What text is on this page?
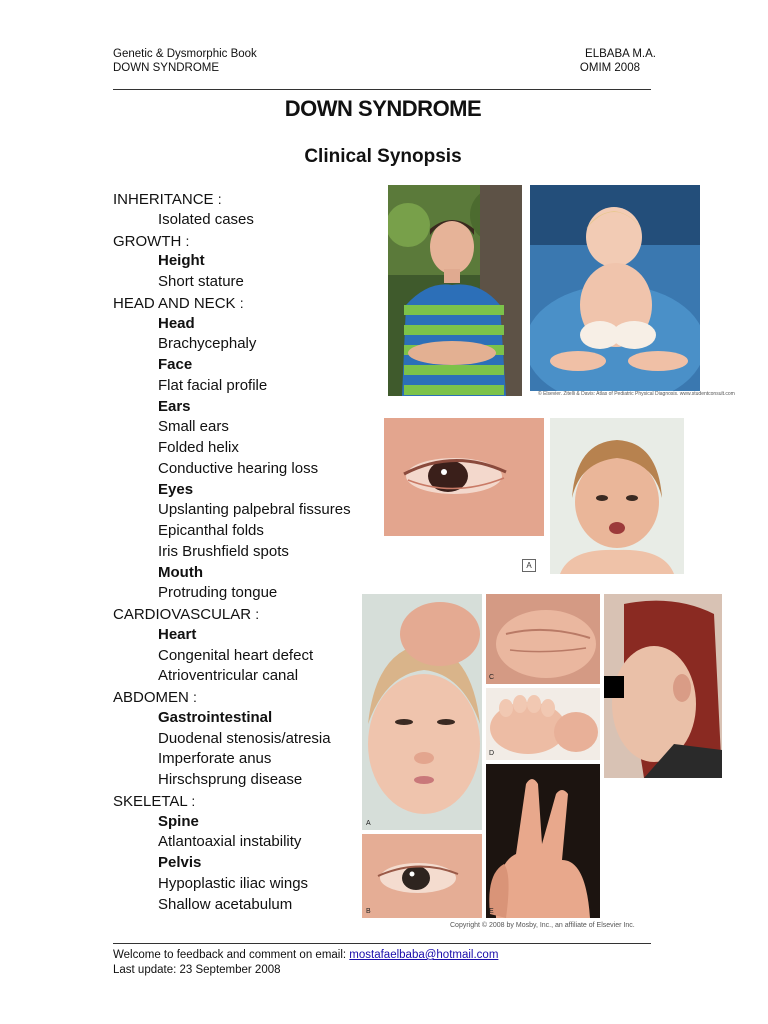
Genetic & Dysmorphic Book
DOWN SYNDROME
ELBABA M.A.
OMIM 2008
DOWN SYNDROME
Clinical Synopsis
INHERITANCE :
Isolated cases
GROWTH :
Height
Short stature
HEAD AND NECK :
Head
Brachycephaly
Face
Flat facial profile
Ears
Small ears
Folded helix
Conductive hearing loss
Eyes
Upslanting palpebral fissures
Epicanthal folds
Iris Brushfield spots
Mouth
Protruding tongue
CARDIOVASCULAR :
Heart
Congenital heart defect
Atrioventricular canal
ABDOMEN :
Gastrointestinal
Duodenal stenosis/atresia
Imperforate anus
Hirschsprung disease
SKELETAL :
Spine
Atlantoaxial instability
Pelvis
Hypoplastic iliac wings
Shallow acetabulum
© Elsevier. Zitelli & Davis: Atlas of Pediatric Physical Diagnosis. www.studentconsult.com
A
A
C
D
B	E
Copyright © 2008 by Mosby, Inc., an affiliate of Elsevier Inc.
Welcome to feedback and comment on email: mostafaelbaba@hotmail.com
Last update: 23 September 2008
